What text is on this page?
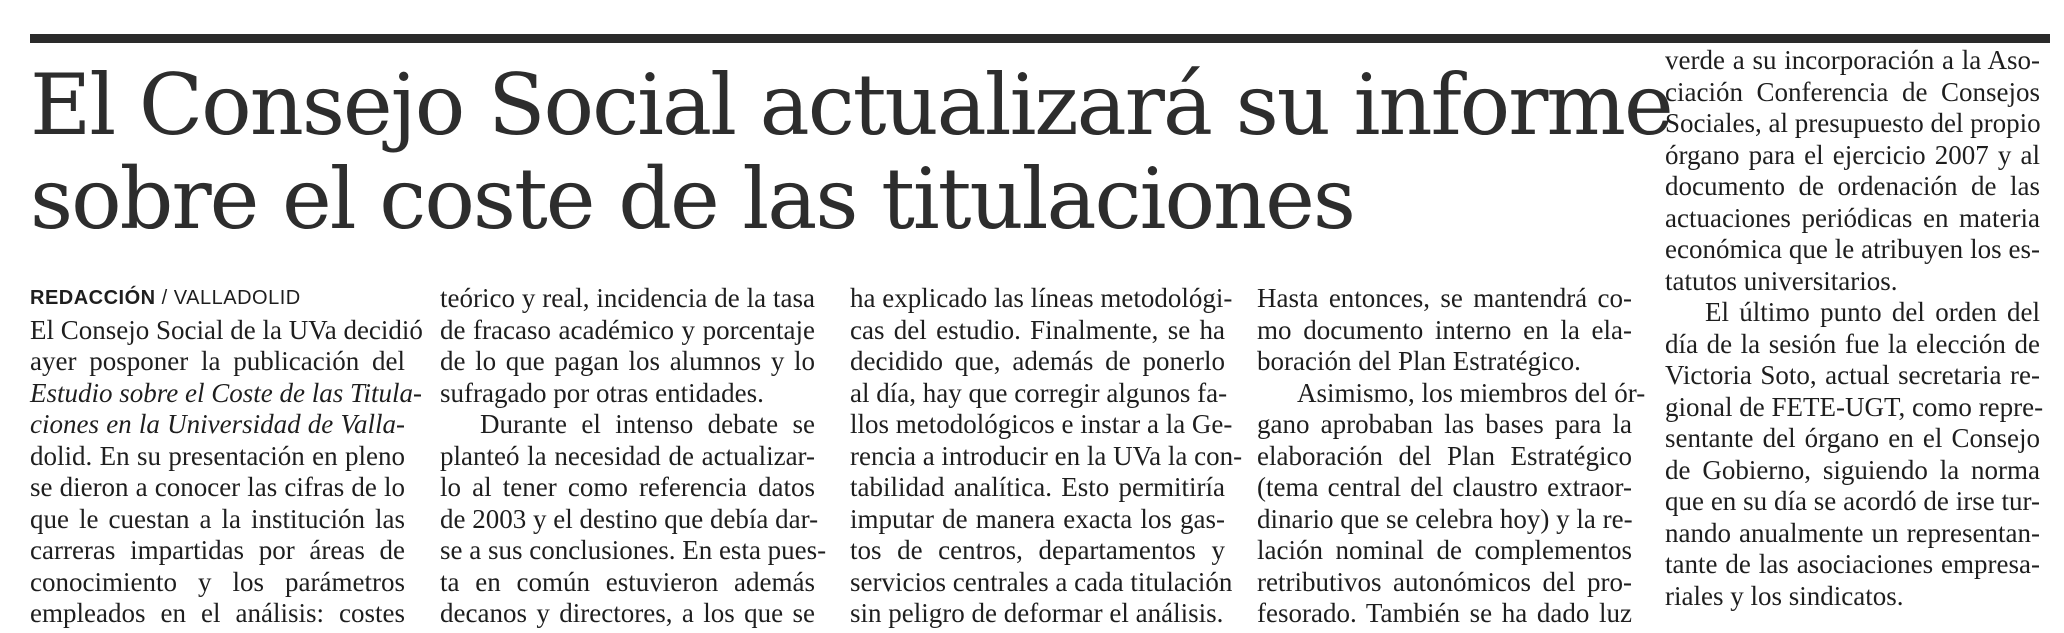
El Consejo Social actualizará su informe
sobre el coste de las titulaciones
REDACCIÓN / VALLADOLID
El Consejo Social de la UVa decidió
ayer posponer la publicación del
Estudio sobre el Coste de las Titula-
ciones en la Universidad de Valla-
dolid. En su presentación en pleno
se dieron a conocer las cifras de lo
que le cuestan a la institución las
carreras impartidas por áreas de
conocimiento y los parámetros
empleados en el análisis: costes
teórico y real, incidencia de la tasa
de fracaso académico y porcentaje
de lo que pagan los alumnos y lo
sufragado por otras entidades.
Durante el intenso debate se
planteó la necesidad de actualizar-
lo al tener como referencia datos
de 2003 y el destino que debía dar-
se a sus conclusiones. En esta pues-
ta en común estuvieron además
decanos y directores, a los que se
ha explicado las líneas metodológi-
cas del estudio. Finalmente, se ha
decidido que, además de ponerlo
al día, hay que corregir algunos fa-
llos metodológicos e instar a la Ge-
rencia a introducir en la UVa la con-
tabilidad analítica. Esto permitiría
imputar de manera exacta los gas-
tos de centros, departamentos y
servicios centrales a cada titulación
sin peligro de deformar el análisis.
Hasta entonces, se mantendrá co-
mo documento interno en la ela-
boración del Plan Estratégico.
Asimismo, los miembros del ór-
gano aprobaban las bases para la
elaboración del Plan Estratégico
(tema central del claustro extraor-
dinario que se celebra hoy) y la re-
lación nominal de complementos
retributivos autonómicos del pro-
fesorado. También se ha dado luz
verde a su incorporación a la Aso-
ciación Conferencia de Consejos
Sociales, al presupuesto del propio
órgano para el ejercicio 2007 y al
documento de ordenación de las
actuaciones periódicas en materia
económica que le atribuyen los es-
tatutos universitarios.
El último punto del orden del
día de la sesión fue la elección de
Victoria Soto, actual secretaria re-
gional de FETE-UGT, como repre-
sentante del órgano en el Consejo
de Gobierno, siguiendo la norma
que en su día se acordó de irse tur-
nando anualmente un representan-
tante de las asociaciones empresa-
riales y los sindicatos.
